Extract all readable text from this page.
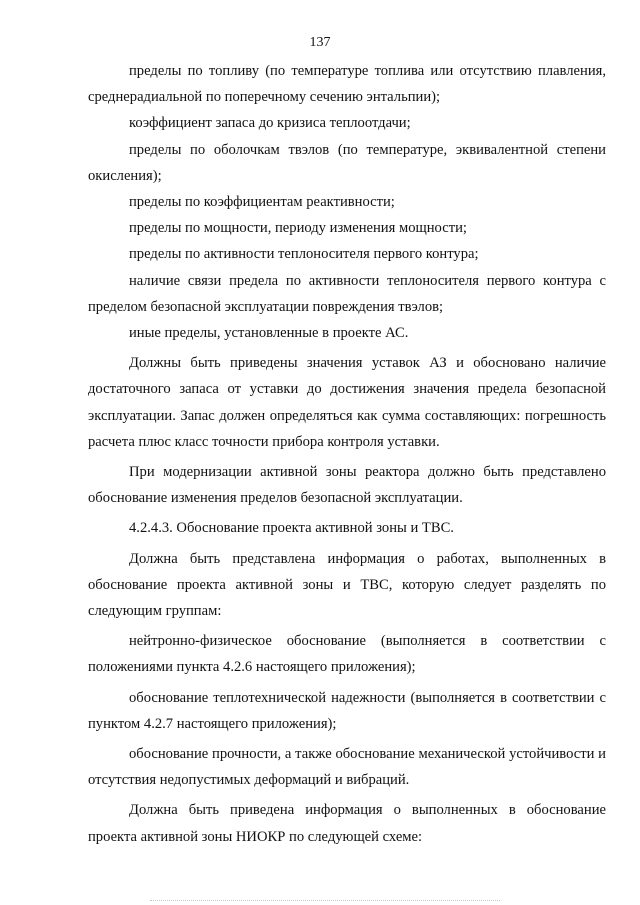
137

пределы по топливу (по температуре топлива или отсутствию плавления, среднерадиальной по поперечному сечению энтальпии);

коэффициент запаса до кризиса теплоотдачи;

пределы по оболочкам твэлов (по температуре, эквивалентной степени окисления);

пределы по коэффициентам реактивности;

пределы по мощности, периоду изменения мощности;

пределы по активности теплоносителя первого контура;

наличие связи предела по активности теплоносителя первого контура с пределом безопасной эксплуатации повреждения твэлов;

иные пределы, установленные в проекте АС.

Должны быть приведены значения уставок АЗ и обосновано наличие достаточного запаса от уставки до достижения значения предела безопасной эксплуатации. Запас должен определяться как сумма составляющих: погрешность расчета плюс класс точности прибора контроля уставки.

При модернизации активной зоны реактора должно быть представлено обоснование изменения пределов безопасной эксплуатации.

4.2.4.3. Обоснование проекта активной зоны и ТВС.

Должна быть представлена информация о работах, выполненных в обоснование проекта активной зоны и ТВС, которую следует разделять по следующим группам:

нейтронно-физическое обоснование (выполняется в соответствии с положениями пункта 4.2.6 настоящего приложения);

обоснование теплотехнической надежности (выполняется в соответствии с пунктом 4.2.7 настоящего приложения);

обоснование прочности, а также обоснование механической устойчивости и отсутствия недопустимых деформаций и вибраций.

Должна быть приведена информация о выполненных в обоснование проекта активной зоны НИОКР по следующей схеме:
